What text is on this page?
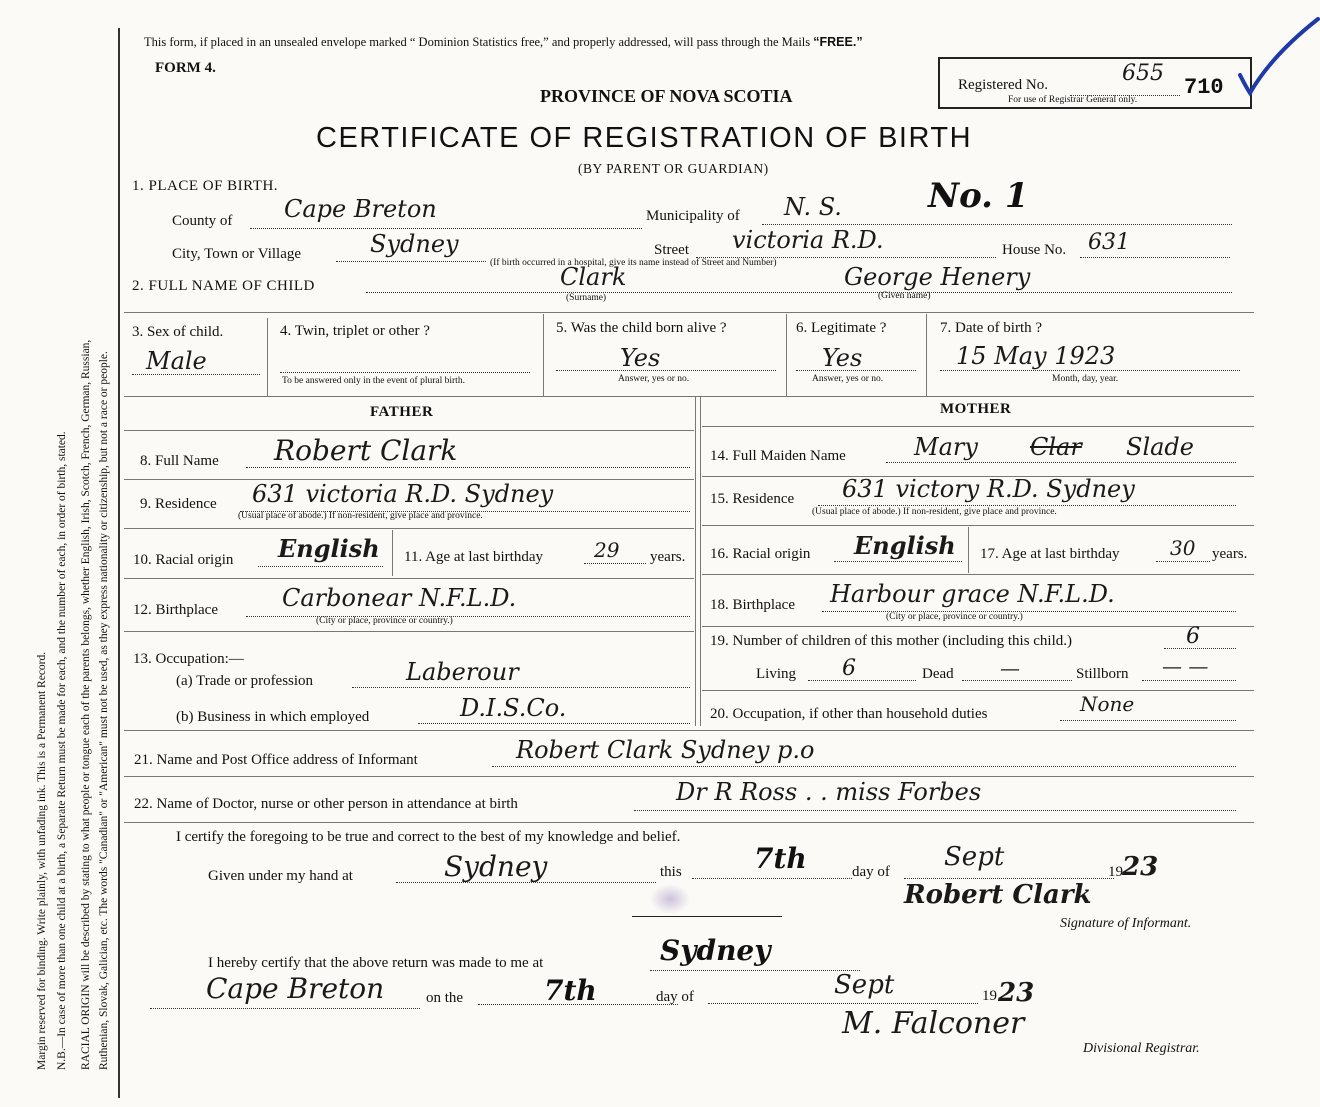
Margin reserved for binding. Write plainly, with unfading ink. This is a Permanent Record. N.B.—In case of more than one child at a birth, a Separate Return must be made for each, and the number of each, in order of birth, stated. RACIAL ORIGIN will be described by stating to what people or tongue each of the parents belongs, whether English, Irish, Scotch, French, German, Russian, Ruthenian, Slovak, Galician, etc. The words "Canadian" or "American" must not be used, as they express nationality or citizenship, but not a race or people.
This form, if placed in an unsealed envelope marked “ Dominion Statistics free,” and properly addressed, will pass through the Mails “FREE.”
FORM 4.
PROVINCE OF NOVA SCOTIA
Registered No.
For use of Registrar General only.
655
710
CERTIFICATE OF REGISTRATION OF BIRTH
(BY PARENT OR GUARDIAN)
1. PLACE OF BIRTH.
County of Cape Breton	Municipality of N. S.	No. 1
City, Town or Village	Sydney
(If birth occurred in a hospital, give its name instead of Street and Number)
Street victoria R.D.	House No. 631
2. FULL NAME OF CHILD	Clark
(Surname)
George Henery
(Given name)
3. Sex of child.
Male
4. Twin, triplet or other ?
To be answered only in the event of plural birth.
5. Was the child born alive ?
Yes
Answer, yes or no.
6. Legitimate ?
Yes
Answer, yes or no.
7. Date of birth ?
15 May 1923
Month, day, year.
FATHER
8. Full Name Robert Clark
9. Residence 631 victoria R.D. Sydney
(Usual place of abode.) If non-resident, give place and province.
10. Racial origin English 11. Age at last birthday	29 years.
12. Birthplace	Carbonear N.F.L.D.
(City or place, province or country.)
13. Occupation:—
(a) Trade or profession	Laberour
(b) Business in which employed	D.I.S.Co.
MOTHER
14. Full Maiden Name	Mary Clar Slade
15. Residence 631 victory R.D. Sydney
(Usual place of abode.) If non-resident, give place and province.
16. Racial origin English 17. Age at last birthday	30 years.
18. Birthplace Harbour grace N.F.L.D.
(City or place, province or country.)
19. Number of children of this mother (including this child.)	6
Living 6	Dead —	Stillborn — —
20. Occupation, if other than household duties	None
21. Name and Post Office address of Informant	Robert Clark Sydney p.o
22. Name of Doctor, nurse or other person in attendance at birth	Dr R Ross . . miss Forbes
I certify the foregoing to be true and correct to the best of my knowledge and belief.
Given under my hand at	Sydney	this	7th	day of Sept	19 23
Robert Clark
Signature of Informant.
I hereby certify that the above return was made to me at	Sydney
Cape Breton	on the	7th	day of	Sept	19 23
M. Falconer
Divisional Registrar.
